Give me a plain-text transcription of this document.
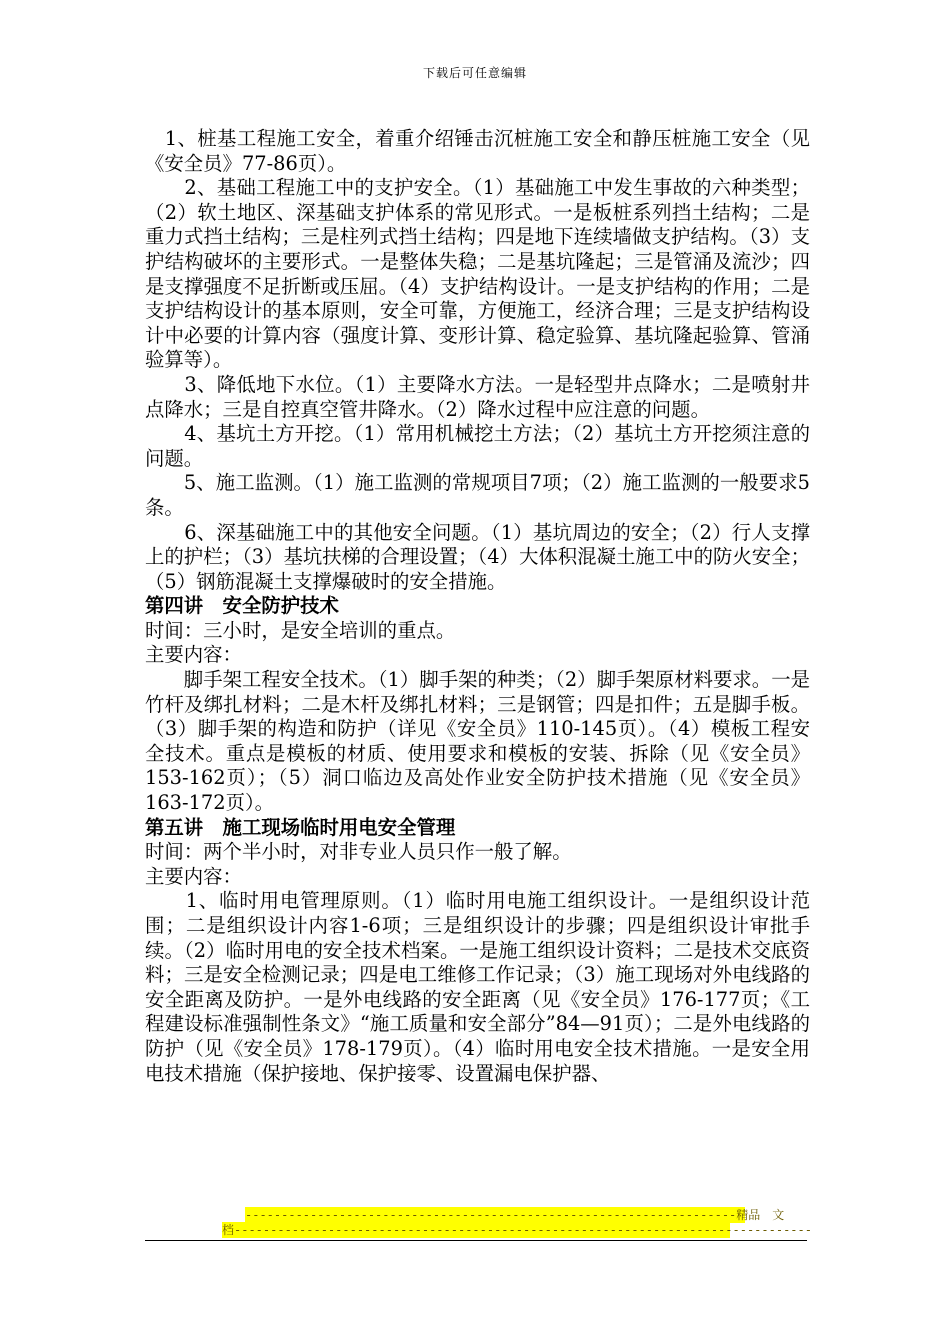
下载后可任意编辑

　1、桩基工程施工安全，着重介绍锤击沉桩施工安全和静压桩施工安全（见《安全员》77-86页）。

　　2、基础工程施工中的支护安全。（1）基础施工中发生事故的六种类型；（2）软土地区、深基础支护体系的常见形式。一是板桩系列挡土结构；二是重力式挡土结构；三是柱列式挡土结构；四是地下连续墙做支护结构。（3）支护结构破坏的主要形式。一是整体失稳；二是基坑隆起；三是管涌及流沙；四是支撑强度不足折断或压屈。（4）支护结构设计。一是支护结构的作用；二是支护结构设计的基本原则，安全可靠，方便施工，经济合理；三是支护结构设计中必要的计算内容（强度计算、变形计算、稳定验算、基坑隆起验算、管涌验算等）。

　　3、降低地下水位。（1）主要降水方法。一是轻型井点降水；二是喷射井点降水；三是自控真空管井降水。（2）降水过程中应注意的问题。

　　4、基坑土方开挖。（1）常用机械挖土方法；（2）基坑土方开挖须注意的问题。

　　5、施工监测。（1）施工监测的常规项目7项；（2）施工监测的一般要求5条。

　　6、深基础施工中的其他安全问题。（1）基坑周边的安全；（2）行人支撑上的护栏；（3）基坑扶梯的合理设置；（4）大体积混凝土施工中的防火安全；（5）钢筋混凝土支撑爆破时的安全措施。

第四讲　安全防护技术

时间：三小时，是安全培训的重点。

主要内容：

　　脚手架工程安全技术。（1）脚手架的种类；（2）脚手架原材料要求。一是竹杆及绑扎材料；二是木杆及绑扎材料；三是钢管；四是扣件；五是脚手板。（3）脚手架的构造和防护（详见《安全员》110-145页）。（4）模板工程安全技术。重点是模板的材质、使用要求和模板的安装、拆除（见《安全员》153-162页）；（5）洞口临边及高处作业安全防护技术措施（见《安全员》163-172页）。

第五讲　施工现场临时用电安全管理

时间：两个半小时，对非专业人员只作一般了解。

主要内容：

　　1、临时用电管理原则。（1）临时用电施工组织设计。一是组织设计范围；二是组织设计内容1-6项；三是组织设计的步骤；四是组织设计审批手续。（2）临时用电的安全技术档案。一是施工组织设计资料；二是技术交底资料；三是安全检测记录；四是电工维修工作记录；（3）施工现场对外电线路的安全距离及防护。一是外电线路的安全距离（见《安全员》176-177页；《工程建设标准强制性条文》“施工质量和安全部分”84—91页）；二是外电线路的防护（见《安全员》178-179页）。（4）临时用电安全技术措施。一是安全用电技术措施（保护接地、保护接零、设置漏电保护器、

--------------------------------------------------------------------精品　文
档--------------------------------------------------------------------------------
